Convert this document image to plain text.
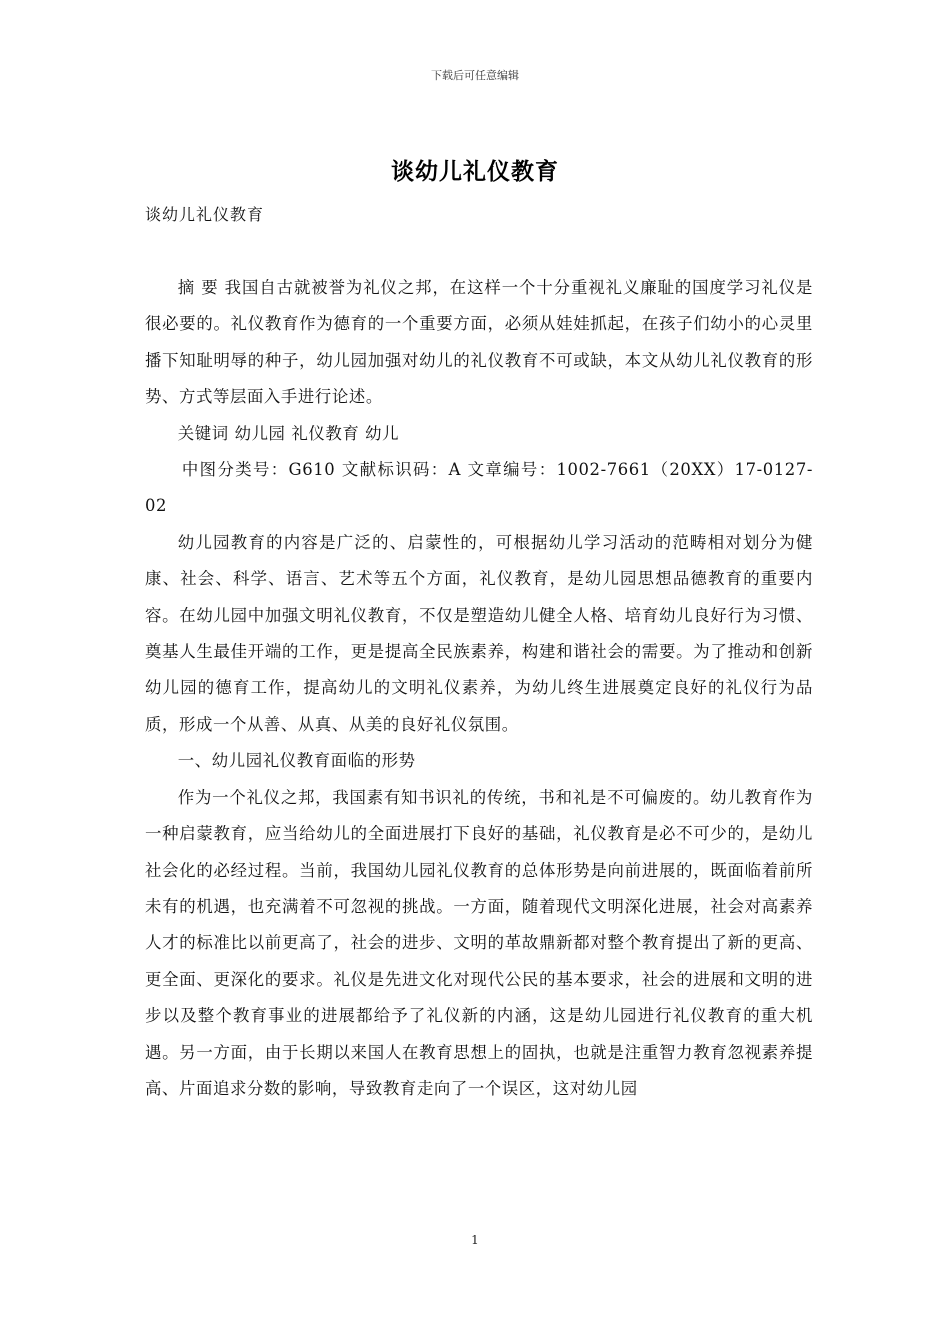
下载后可任意编辑
谈幼儿礼仪教育
谈幼儿礼仪教育

摘 要 我国自古就被誉为礼仪之邦，在这样一个十分重视礼义廉耻的国度学习礼仪是很必要的。礼仪教育作为德育的一个重要方面，必须从娃娃抓起，在孩子们幼小的心灵里播下知耻明辱的种子，幼儿园加强对幼儿的礼仪教育不可或缺，本文从幼儿礼仪教育的形势、方式等层面入手进行论述。

关键词 幼儿园 礼仪教育 幼儿

中图分类号：G610 文献标识码：A 文章编号：1002-7661（20XX）17-0127-02

幼儿园教育的内容是广泛的、启蒙性的，可根据幼儿学习活动的范畴相对划分为健康、社会、科学、语言、艺术等五个方面，礼仪教育，是幼儿园思想品德教育的重要内容。在幼儿园中加强文明礼仪教育，不仅是塑造幼儿健全人格、培育幼儿良好行为习惯、奠基人生最佳开端的工作，更是提高全民族素养，构建和谐社会的需要。为了推动和创新幼儿园的德育工作，提高幼儿的文明礼仪素养，为幼儿终生进展奠定良好的礼仪行为品质，形成一个从善、从真、从美的良好礼仪氛围。

一、幼儿园礼仪教育面临的形势

作为一个礼仪之邦，我国素有知书识礼的传统，书和礼是不可偏废的。幼儿教育作为一种启蒙教育，应当给幼儿的全面进展打下良好的基础，礼仪教育是必不可少的，是幼儿社会化的必经过程。当前，我国幼儿园礼仪教育的总体形势是向前进展的，既面临着前所未有的机遇，也充满着不可忽视的挑战。一方面，随着现代文明深化进展，社会对高素养人才的标准比以前更高了，社会的进步、文明的革故鼎新都对整个教育提出了新的更高、更全面、更深化的要求。礼仪是先进文化对现代公民的基本要求，社会的进展和文明的进步以及整个教育事业的进展都给予了礼仪新的内涵，这是幼儿园进行礼仪教育的重大机遇。另一方面，由于长期以来国人在教育思想上的固执，也就是注重智力教育忽视素养提高、片面追求分数的影响，导致教育走向了一个误区，这对幼儿园

1
